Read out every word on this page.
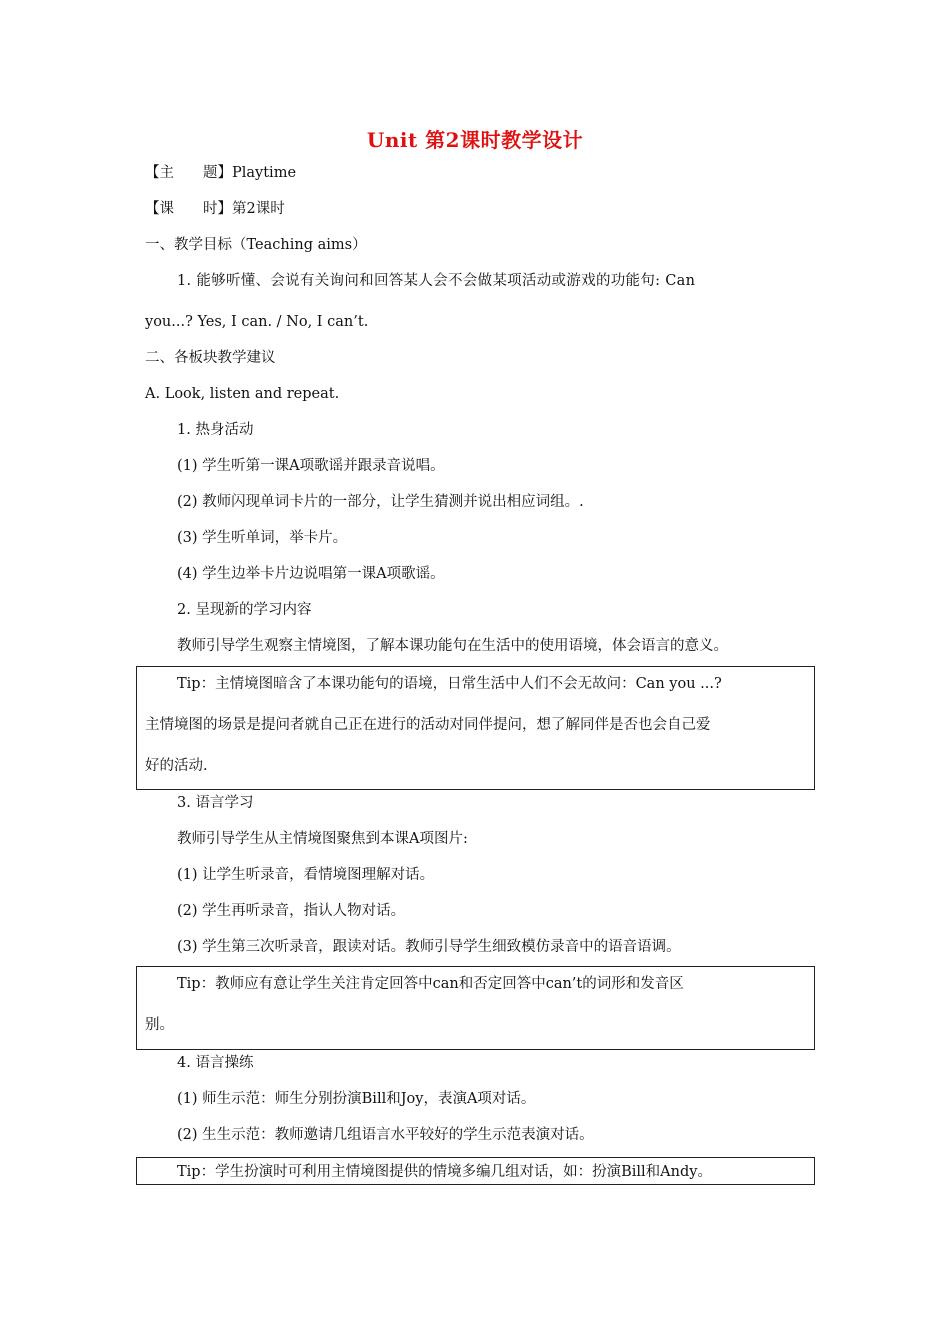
Unit 第2课时教学设计
【主　　题】Playtime
【课　　时】第2课时
一、教学目标（Teaching aims）
1. 能够听懂、会说有关询问和回答某人会不会做某项活动或游戏的功能句: Can
you...? Yes, I can. / No, I can’t.
二、各板块教学建议
A. Look, listen and repeat.
1. 热身活动
(1) 学生听第一课A项歌谣并跟录音说唱。
(2) 教师闪现单词卡片的一部分，让学生猜测并说出相应词组。.
(3) 学生听单词，举卡片。
(4) 学生边举卡片边说唱第一课A项歌谣。
2. 呈现新的学习内容
教师引导学生观察主情境图，了解本课功能句在生活中的使用语境，体会语言的意义。
Tip：主情境图暗含了本课功能句的语境，日常生活中人们不会无故问：Can you ...?
主情境图的场景是提问者就自己正在进行的活动对同伴提问，想了解同伴是否也会自己爱
好的活动.
3. 语言学习
教师引导学生从主情境图聚焦到本课A项图片:
(1) 让学生听录音，看情境图理解对话。
(2) 学生再听录音，指认人物对话。
(3) 学生第三次听录音，跟读对话。教师引导学生细致模仿录音中的语音语调。
Tip：教师应有意让学生关注肯定回答中can和否定回答中can’t的词形和发音区
别。
4. 语言操练
(1) 师生示范：师生分别扮演Bill和Joy，表演A项对话。
(2) 生生示范：教师邀请几组语言水平较好的学生示范表演对话。
Tip：学生扮演时可利用主情境图提供的情境多编几组对话，如：扮演Bill和Andy。
